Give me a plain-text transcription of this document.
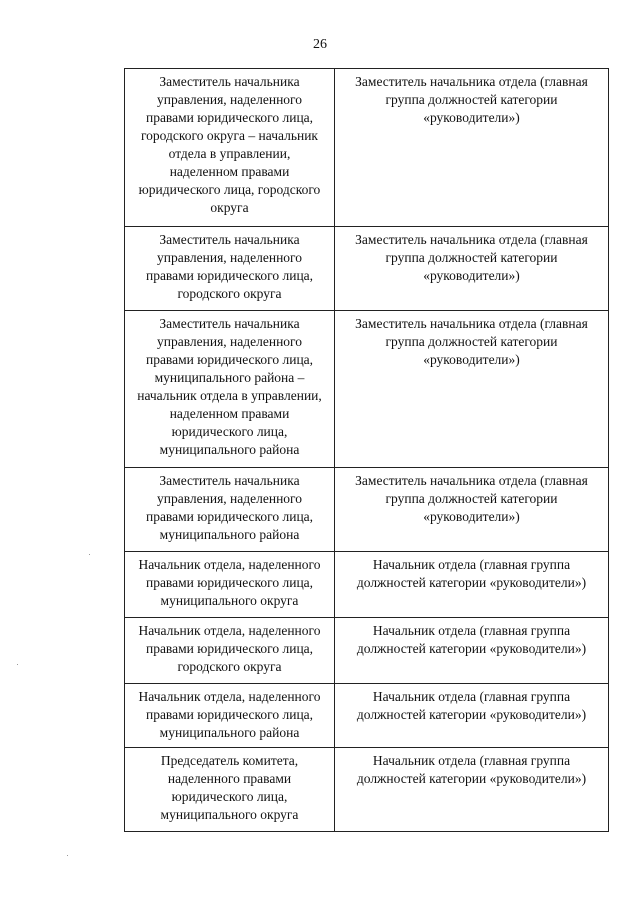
26
Заместитель начальника управления, наделенного правами юридического лица, городского округа – начальник отдела в управлении, наделенном правами юридического лица, городского округа	Заместитель начальника отдела (главная группа должностей категории «руководители»)
Заместитель начальника управления, наделенного правами юридического лица, городского округа	Заместитель начальника отдела (главная группа должностей категории «руководители»)
Заместитель начальника управления, наделенного правами юридического лица, муниципального района – начальник отдела в управлении, наделенном правами юридического лица, муниципального района	Заместитель начальника отдела (главная группа должностей категории «руководители»)
Заместитель начальника управления, наделенного правами юридического лица, муниципального района	Заместитель начальника отдела (главная группа должностей категории «руководители»)
Начальник отдела, наделенного правами юридического лица, муниципального округа	Начальник отдела (главная группа должностей категории «руководители»)
Начальник отдела, наделенного правами юридического лица, городского округа	Начальник отдела (главная группа должностей категории «руководители»)
Начальник отдела, наделенного правами юридического лица, муниципального района	Начальник отдела (главная группа должностей категории «руководители»)
Председатель комитета, наделенного правами юридического лица, муниципального округа	Начальник отдела (главная группа должностей категории «руководители»)
